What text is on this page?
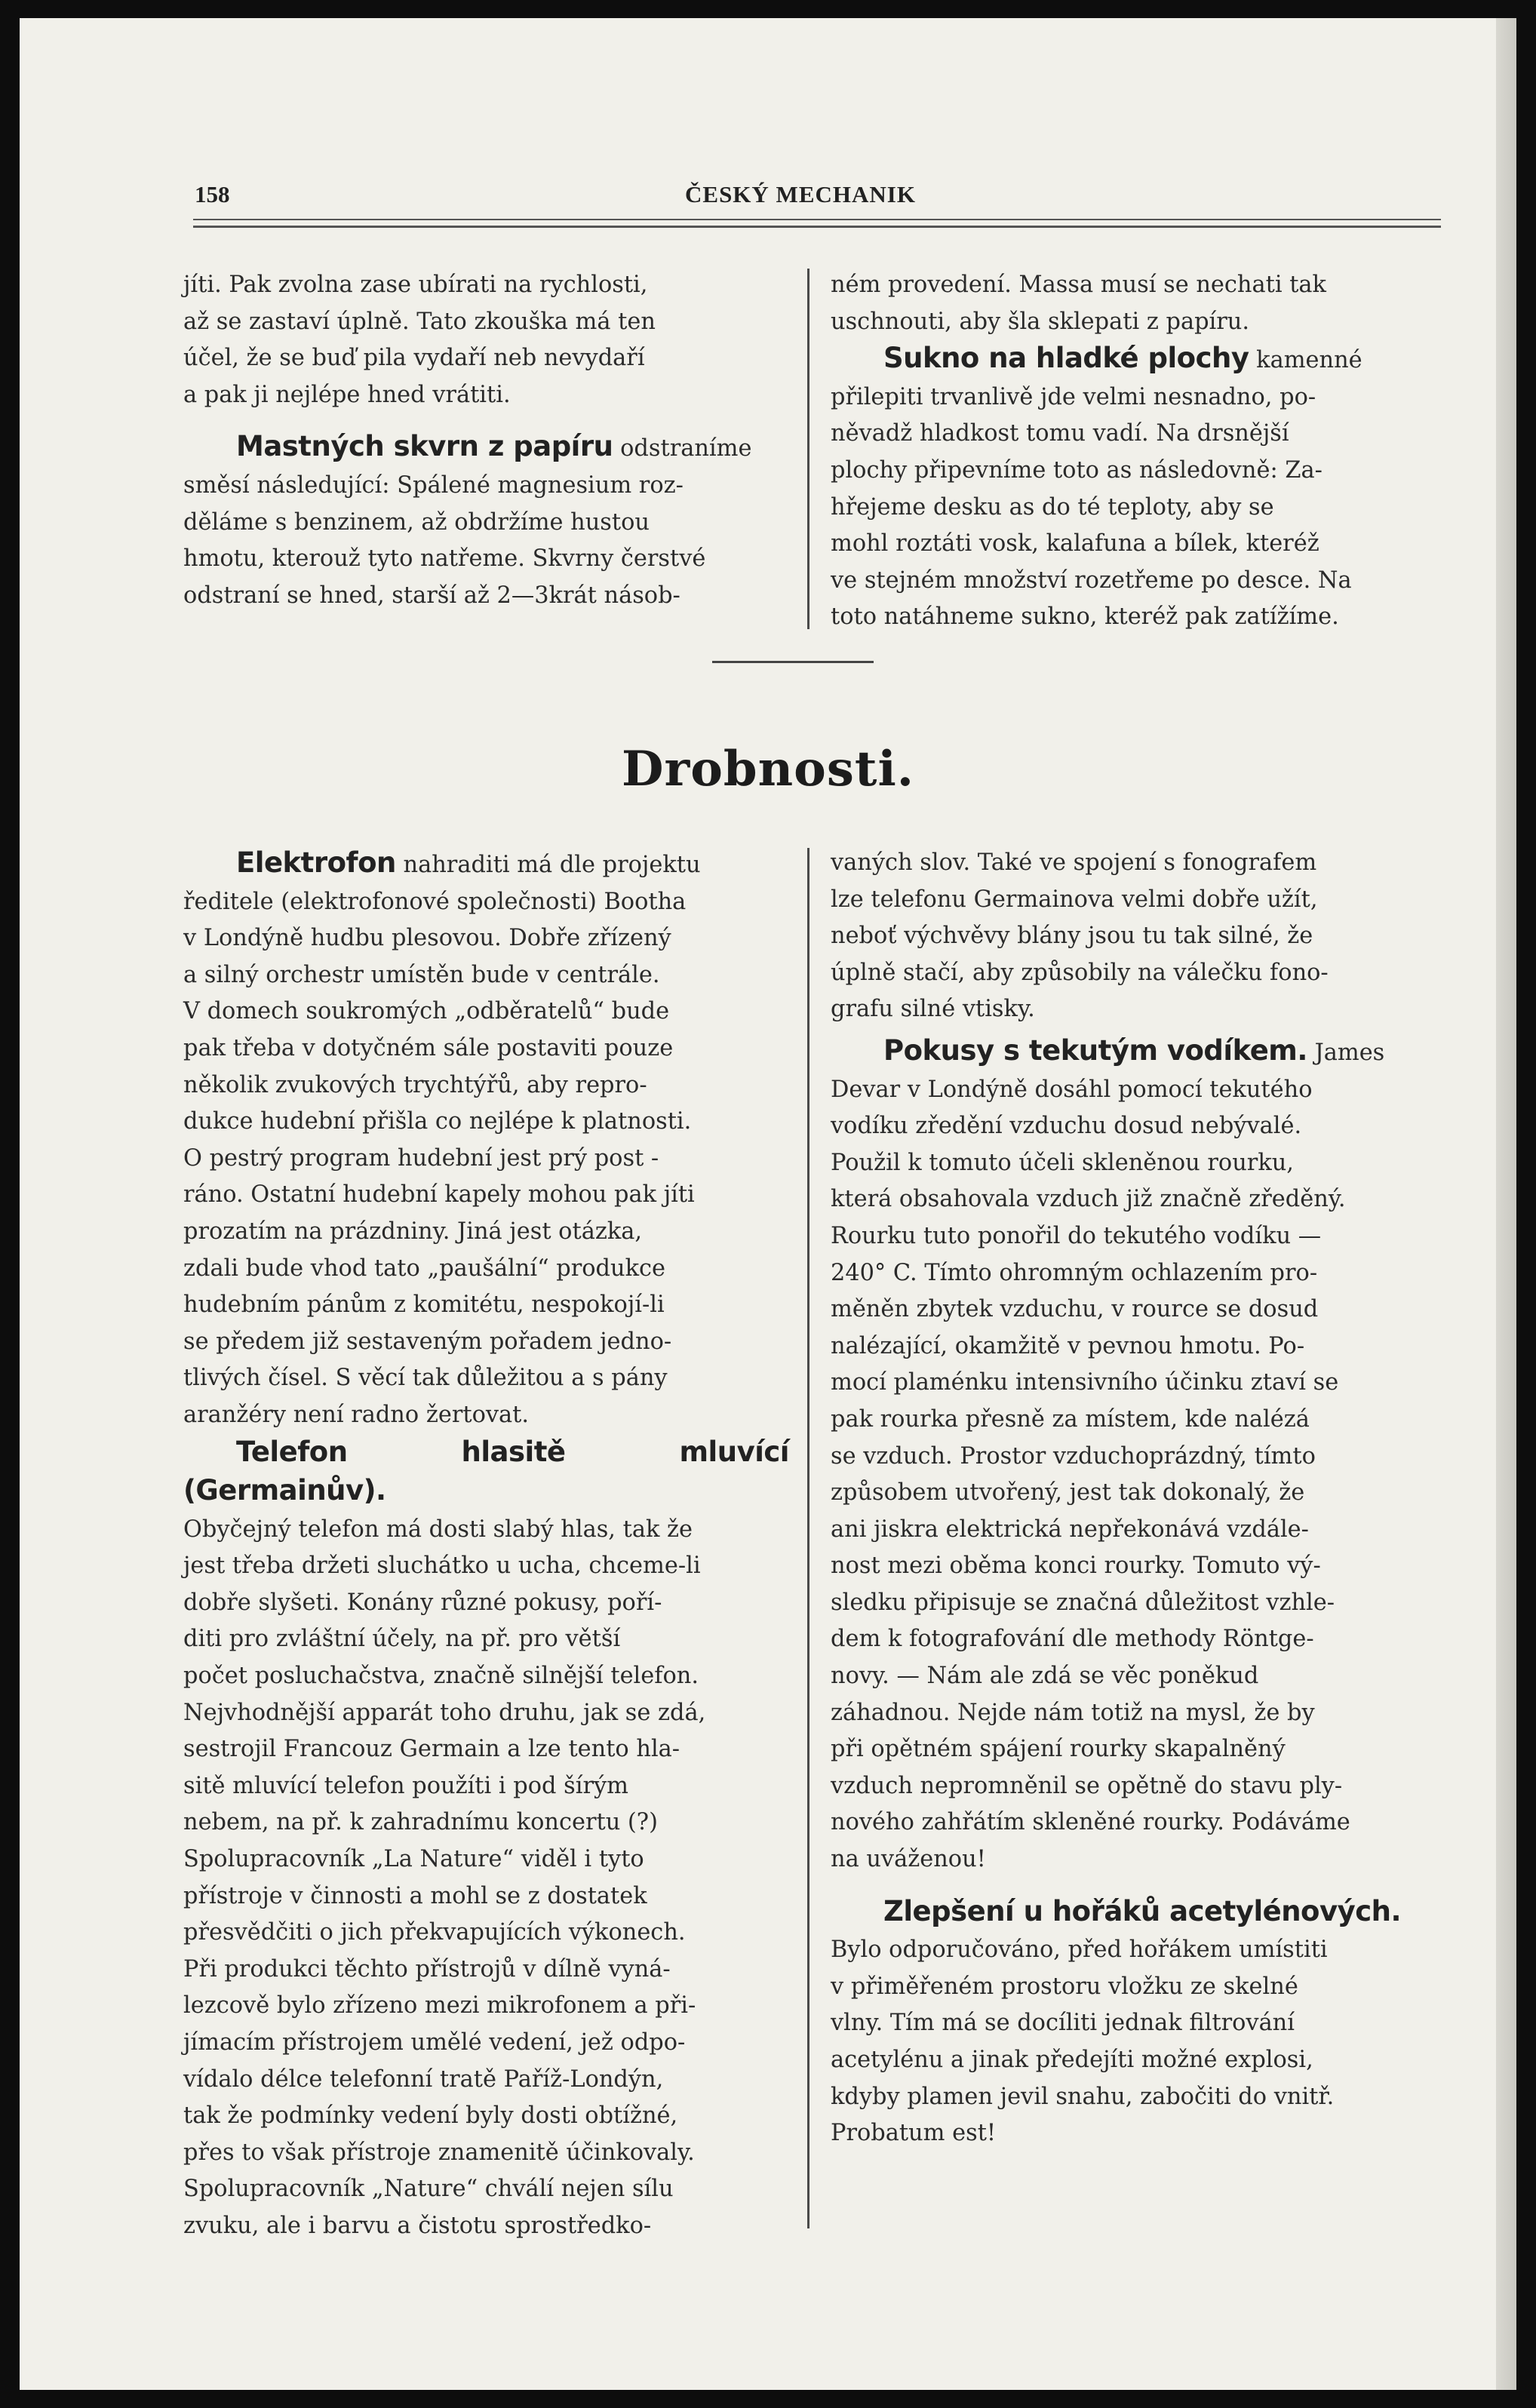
158	ČESKÝ MECHANIK

jíti. Pak zvolna zase ubírati na rychlosti,
až se zastaví úplně. Tato zkouška má ten
účel, že se buď pila vydaří neb nevydaří
a pak ji nejlépe hned vrátiti.

Mastných skvrn z papíru odstraníme
směsí následující: Spálené magnesium roz-
děláme s benzinem, až obdržíme hustou
hmotu, kterouž tyto natřeme. Skvrny čerstvé
odstraní se hned, starší až 2—3krát násob-

ném provedení. Massa musí se nechati tak
uschnouti, aby šla sklepati z papíru.

Sukno na hladké plochy kamenné
přilepiti trvanlivě jde velmi nesnadno, po-
něvadž hladkost tomu vadí. Na drsnější
plochy připevníme toto as následovně: Za-
hřejeme desku as do té teploty, aby se
mohl roztáti vosk, kalafuna a bílek, kteréž
ve stejném množství rozetřeme po desce. Na
toto natáhneme sukno, kteréž pak zatížíme.

Drobnosti.

Elektrofon nahraditi má dle projektu
ředitele (elektrofonové společnosti) Bootha
v Londýně hudbu plesovou. Dobře zřízený
a silný orchestr umístěn bude v centrále.
V domech soukromých „odběratelů“ bude
pak třeba v dotyčném sále postaviti pouze
několik zvukových trychtýřů, aby repro-
dukce hudební přišla co nejlépe k platnosti.
O pestrý program hudební jest prý post -
ráno. Ostatní hudební kapely mohou pak jíti
prozatím na prázdniny. Jiná jest otázka,
zdali bude vhod tato „paušální“ produkce
hudebním pánům z komitétu, nespokojí-li
se předem již sestaveným pořadem jedno-
tlivých čísel. S věcí tak důležitou a s pány
aranžéry není radno žertovat.

Telefon hlasitě mluvící (Germainův).
Obyčejný telefon má dosti slabý hlas, tak že
jest třeba držeti sluchátko u ucha, chceme-li
dobře slyšeti. Konány různé pokusy, poří-
diti pro zvláštní účely, na př. pro větší
počet posluchačstva, značně silnější telefon.
Nejvhodnější apparát toho druhu, jak se zdá,
sestrojil Francouz Germain a lze tento hla-
sitě mluvící telefon použíti i pod šírým
nebem, na př. k zahradnímu koncertu (?)
Spolupracovník „La Nature“ viděl i tyto
přístroje v činnosti a mohl se z dostatek
přesvědčiti o jich překvapujících výkonech.
Při produkci těchto přístrojů v dílně vyná-
lezcově bylo zřízeno mezi mikrofonem a při-
jímacím přístrojem umělé vedení, jež odpo-
vídalo délce telefonní tratě Paříž-Londýn,
tak že podmínky vedení byly dosti obtížné,
přes to však přístroje znamenitě účinkovaly.
Spolupracovník „Nature“ chválí nejen sílu
zvuku, ale i barvu a čistotu sprostředko-

vaných slov. Také ve spojení s fonografem
lze telefonu Germainova velmi dobře užít,
neboť výchvěvy blány jsou tu tak silné, že
úplně stačí, aby způsobily na válečku fono-
grafu silné vtisky.

Pokusy s tekutým vodíkem. James
Devar v Londýně dosáhl pomocí tekutého
vodíku zředění vzduchu dosud nebývalé.
Použil k tomuto účeli skleněnou rourku,
která obsahovala vzduch již značně zředěný.
Rourku tuto ponořil do tekutého vodíku —
240° C. Tímto ohromným ochlazením pro-
měněn zbytek vzduchu, v rource se dosud
nalézající, okamžitě v pevnou hmotu. Po-
mocí plaménku intensivního účinku ztaví se
pak rourka přesně za místem, kde nalézá
se vzduch. Prostor vzduchoprázdný, tímto
způsobem utvořený, jest tak dokonalý, že
ani jiskra elektrická nepřekonává vzdále-
nost mezi oběma konci rourky. Tomuto vý-
sledku připisuje se značná důležitost vzhle-
dem k fotografování dle methody Röntge-
novy. — Nám ale zdá se věc poněkud
záhadnou. Nejde nám totiž na mysl, že by
při opětném spájení rourky skapalněný
vzduch nepromněnil se opětně do stavu ply-
nového zahřátím skleněné rourky. Podáváme
na uváženou!

Zlepšení u hořáků acetylénových.
Bylo odporučováno, před hořákem umístiti
v přiměřeném prostoru vložku ze skelné
vlny. Tím má se docíliti jednak filtrování
acetylénu a jinak předejíti možné explosi,
kdyby plamen jevil snahu, zabočiti do vnitř.
Probatum est!
